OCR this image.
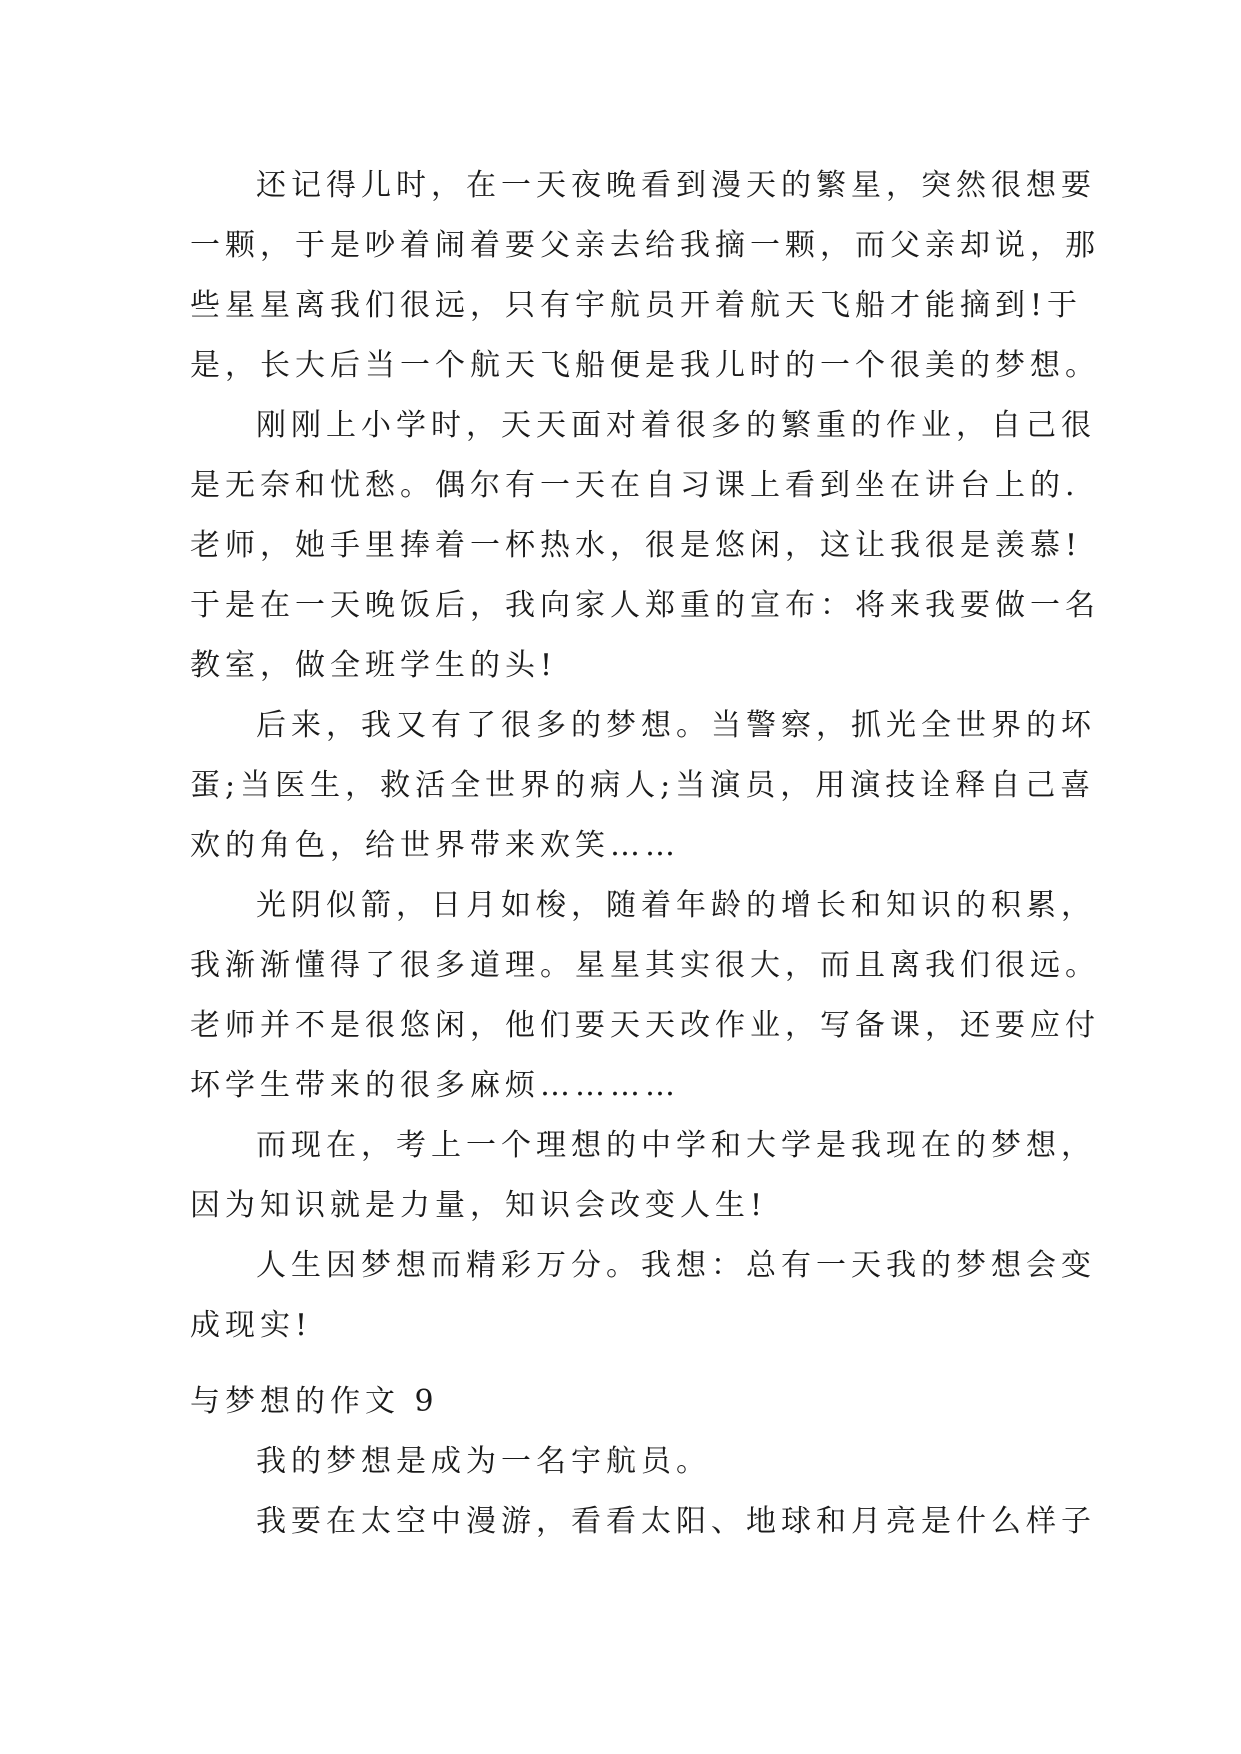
还记得儿时，在一天夜晚看到漫天的繁星，突然很想要
一颗，于是吵着闹着要父亲去给我摘一颗，而父亲却说，那
些星星离我们很远，只有宇航员开着航天飞船才能摘到!于
是，长大后当一个航天飞船便是我儿时的一个很美的梦想。
刚刚上小学时，天天面对着很多的繁重的作业，自己很
是无奈和忧愁。偶尔有一天在自习课上看到坐在讲台上的.
老师，她手里捧着一杯热水，很是悠闲，这让我很是羡慕!
于是在一天晚饭后，我向家人郑重的宣布：将来我要做一名
教室，做全班学生的头!
后来，我又有了很多的梦想。当警察，抓光全世界的坏
蛋;当医生，救活全世界的病人;当演员，用演技诠释自己喜
欢的角色，给世界带来欢笑……
光阴似箭，日月如梭，随着年龄的增长和知识的积累，
我渐渐懂得了很多道理。星星其实很大，而且离我们很远。
老师并不是很悠闲，他们要天天改作业，写备课，还要应付
坏学生带来的很多麻烦…………
而现在，考上一个理想的中学和大学是我现在的梦想，
因为知识就是力量，知识会改变人生!
人生因梦想而精彩万分。我想：总有一天我的梦想会变
成现实!
与梦想的作文 9
我的梦想是成为一名宇航员。
我要在太空中漫游，看看太阳、地球和月亮是什么样子
